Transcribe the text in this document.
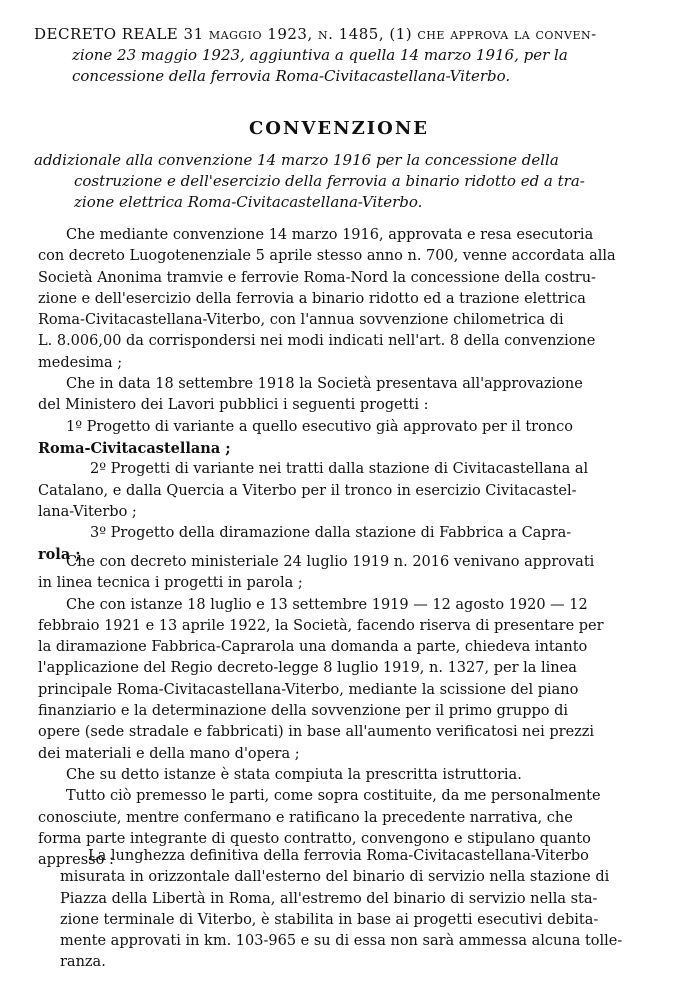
DECRETO REALE 31 maggio 1923, n. 1485, (1) che approva la conven-
zione 23 maggio 1923, aggiuntiva a quella 14 marzo 1916, per la
concessione della ferrovia Roma-Civitacastellana-Viterbo.
CONVENZIONE
addizionale alla convenzione 14 marzo 1916 per la concessione della
costruzione e dell'esercizio della ferrovia a binario ridotto ed a tra-
zione elettrica Roma-Civitacastellana-Viterbo.
Che mediante convenzione 14 marzo 1916, approvata e resa esecutoria
con decreto Luogotenenziale 5 aprile stesso anno n. 700, venne accordata alla
Società Anonima tramvie e ferrovie Roma-Nord la concessione della costru-
zione e dell'esercizio della ferrovia a binario ridotto ed a trazione elettrica
Roma-Civitacastellana-Viterbo, con l'annua sovvenzione chilometrica di
L. 8.006,00 da corrispondersi nei modi indicati nell'art. 8 della convenzione
medesima ;
Che in data 18 settembre 1918 la Società presentava all'approvazione
del Ministero dei Lavori pubblici i seguenti progetti :
1º Progetto di variante a quello esecutivo già approvato per il tronco
Roma-Civitacastellana ;
2º Progetti di variante nei tratti dalla stazione di Civitacastellana al
Catalano, e dalla Quercia a Viterbo per il tronco in esercizio Civitacastel-
lana-Viterbo ;
3º Progetto della diramazione dalla stazione di Fabbrica a Capra-
rola ;
Che con decreto ministeriale 24 luglio 1919 n. 2016 venivano approvati
in linea tecnica i progetti in parola ;
Che con istanze 18 luglio e 13 settembre 1919 — 12 agosto 1920 — 12
febbraio 1921 e 13 aprile 1922, la Società, facendo riserva di presentare per
la diramazione Fabbrica-Caprarola una domanda a parte, chiedeva intanto
l'applicazione del Regio decreto-legge 8 luglio 1919, n. 1327, per la linea
principale Roma-Civitacastellana-Viterbo, mediante la scissione del piano
finanziario e la determinazione della sovvenzione per il primo gruppo di
opere (sede stradale e fabbricati) in base all'aumento verificatosi nei prezzi
dei materiali e della mano d'opera ;
Che su detto istanze è stata compiuta la prescritta istruttoria.
Tutto ciò premesso le parti, come sopra costituite, da me personalmente
conosciute, mentre confermano e ratificano la precedente narrativa, che
forma parte integrante di questo contratto, convengono e stipulano quanto
appresso :
La lunghezza definitiva della ferrovia Roma-Civitacastellana-Viterbo
misurata in orizzontale dall'esterno del binario di servizio nella stazione di
Piazza della Libertà in Roma, all'estremo del binario di servizio nella sta-
zione terminale di Viterbo, è stabilita in base ai progetti esecutivi debita-
mente approvati in km. 103-965 e su di essa non sarà ammessa alcuna tolle-
ranza.
